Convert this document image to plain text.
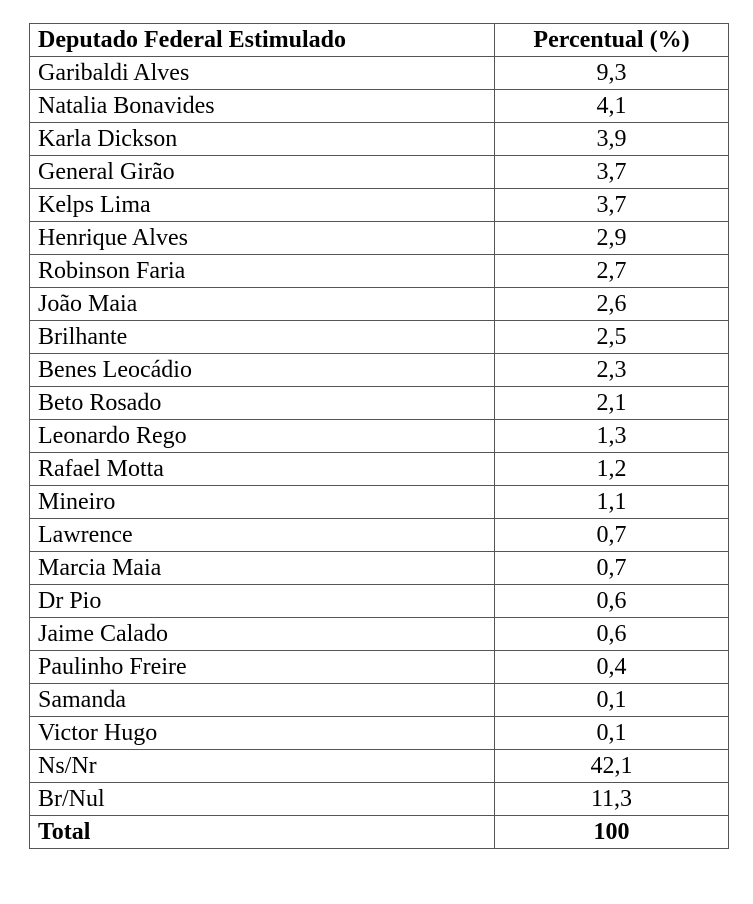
Deputado Federal Estimulado	Percentual (%)
Garibaldi Alves	9,3
Natalia Bonavides	4,1
Karla Dickson	3,9
General Girão	3,7
Kelps Lima	3,7
Henrique Alves	2,9
Robinson Faria	2,7
João Maia	2,6
Brilhante	2,5
Benes Leocádio	2,3
Beto Rosado	2,1
Leonardo Rego	1,3
Rafael Motta	1,2
Mineiro	1,1
Lawrence	0,7
Marcia Maia	0,7
Dr Pio	0,6
Jaime Calado	0,6
Paulinho Freire	0,4
Samanda	0,1
Victor Hugo	0,1
Ns/Nr	42,1
Br/Nul	11,3
Total	100
